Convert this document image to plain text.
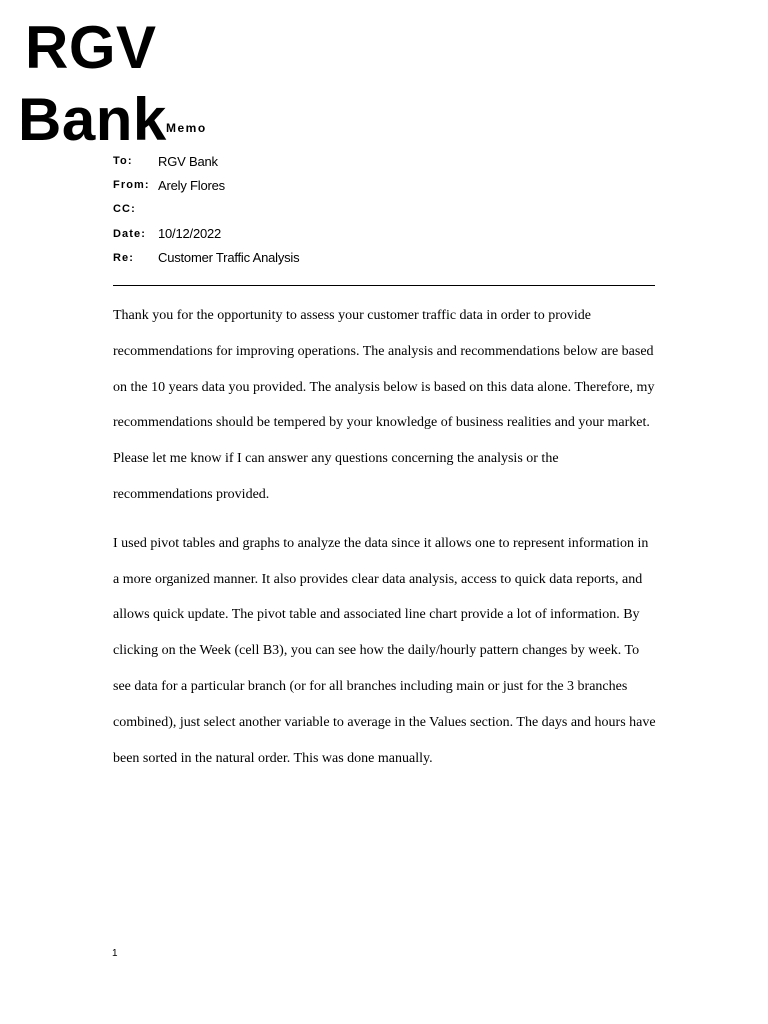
RGV
Bank Memo
To:	RGV Bank
From: Arely Flores
CC:
Date: 10/12/2022
Re:	Customer Traffic Analysis

Thank you for the opportunity to assess your customer traffic data in order to provide recommendations for improving operations. The analysis and recommendations below are based on the 10 years data you provided. The analysis below is based on this data alone. Therefore, my recommendations should be tempered by your knowledge of business realities and your market. Please let me know if I can answer any questions concerning the analysis or the recommendations provided.

I used pivot tables and graphs to analyze the data since it allows one to represent information in a more organized manner. It also provides clear data analysis, access to quick data reports, and allows quick update. The pivot table and associated line chart provide a lot of information. By clicking on the Week (cell B3), you can see how the daily/hourly pattern changes by week. To see data for a particular branch (or for all branches including main or just for the 3 branches combined), just select another variable to average in the Values section. The days and hours have been sorted in the natural order. This was done manually.

1
